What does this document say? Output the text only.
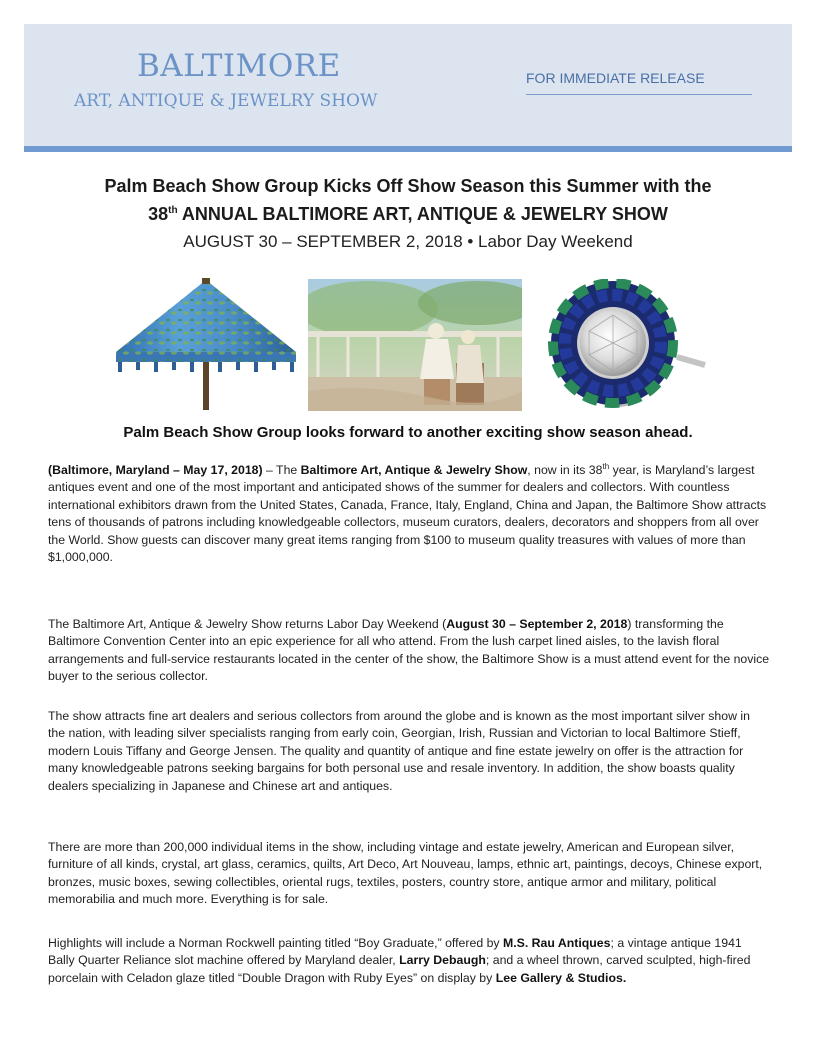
BALTIMORE
ART, ANTIQUE & JEWELRY SHOW
FOR IMMEDIATE RELEASE
Palm Beach Show Group Kicks Off Show Season this Summer with the
38th ANNUAL BALTIMORE ART, ANTIQUE & JEWELRY SHOW
AUGUST 30 – SEPTEMBER 2, 2018 • Labor Day Weekend
Palm Beach Show Group looks forward to another exciting show season ahead.

(Baltimore, Maryland – May 17, 2018) – The Baltimore Art, Antique & Jewelry Show, now in its 38th year, is Maryland’s largest antiques event and one of the most important and anticipated shows of the summer for dealers and collectors. With countless international exhibitors drawn from the United States, Canada, France, Italy, England, China and Japan, the Baltimore Show attracts tens of thousands of patrons including knowledgeable collectors, museum curators, dealers, decorators and shoppers from all over the World. Show guests can discover many great items ranging from $100 to museum quality treasures with values of more than $1,000,000.

The Baltimore Art, Antique & Jewelry Show returns Labor Day Weekend (August 30 – September 2, 2018) transforming the Baltimore Convention Center into an epic experience for all who attend. From the lush carpet lined aisles, to the lavish floral arrangements and full-service restaurants located in the center of the show, the Baltimore Show is a must attend event for the novice buyer to the serious collector.

The show attracts fine art dealers and serious collectors from around the globe and is known as the most important silver show in the nation, with leading silver specialists ranging from early coin, Georgian, Irish, Russian and Victorian to local Baltimore Stieff, modern Louis Tiffany and George Jensen. The quality and quantity of antique and fine estate jewelry on offer is the attraction for many knowledgeable patrons seeking bargains for both personal use and resale inventory. In addition, the show boasts quality dealers specializing in Japanese and Chinese art and antiques.

There are more than 200,000 individual items in the show, including vintage and estate jewelry, American and European silver, furniture of all kinds, crystal, art glass, ceramics, quilts, Art Deco, Art Nouveau, lamps, ethnic art, paintings, decoys, Chinese export, bronzes, music boxes, sewing collectibles, oriental rugs, textiles, posters, country store, antique armor and military, political memorabilia and much more. Everything is for sale.

Highlights will include a Norman Rockwell painting titled “Boy Graduate,” offered by M.S. Rau Antiques; a vintage antique 1941 Bally Quarter Reliance slot machine offered by Maryland dealer, Larry Debaugh; and a wheel thrown, carved sculpted, high-fired porcelain with Celadon glaze titled “Double Dragon with Ruby Eyes” on display by Lee Gallery & Studios.
